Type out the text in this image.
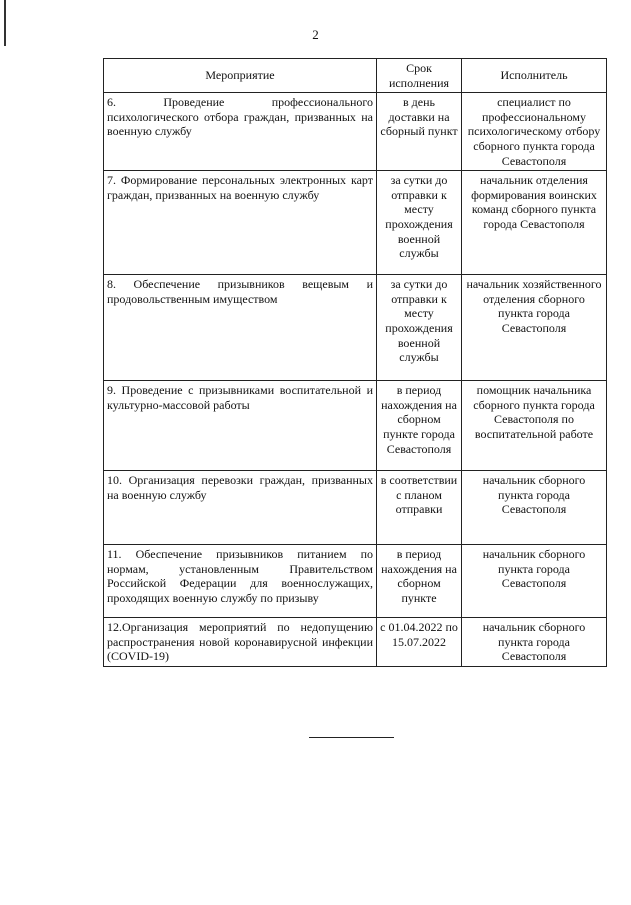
2
Мероприятие	Срок исполнения	Исполнитель
6. Проведение профессионального психологического отбора граждан, призванных на военную службу	в день доставки на сборный пункт	специалист по профессиональному психологическому отбору сборного пункта города Севастополя
7. Формирование персональных электронных карт граждан, призванных на военную службу	за сутки до отправки к месту прохождения военной службы	начальник отделения формирования воинских команд сборного пункта города Севастополя
8. Обеспечение призывников вещевым и продовольственным имуществом	за сутки до отправки к месту прохождения военной службы	начальник хозяйственного отделения сборного пункта города Севастополя
9. Проведение с призывниками воспитательной и культурно-массовой работы	в период нахождения на сборном пункте города Севастополя	помощник начальника сборного пункта города Севастополя по воспитательной работе
10. Организация перевозки граждан, призванных на военную службу	в соответствии с планом отправки	начальник сборного пункта города Севастополя
11. Обеспечение призывников питанием по нормам, установленным Правительством Российской Федерации для военнослужащих, проходящих военную службу по призыву	в период нахождения на сборном пункте	начальник сборного пункта города Севастополя
12.Организация мероприятий по недопущению распространения новой коронавирусной инфекции (COVID-19)	с 01.04.2022 по 15.07.2022	начальник сборного пункта города Севастополя
